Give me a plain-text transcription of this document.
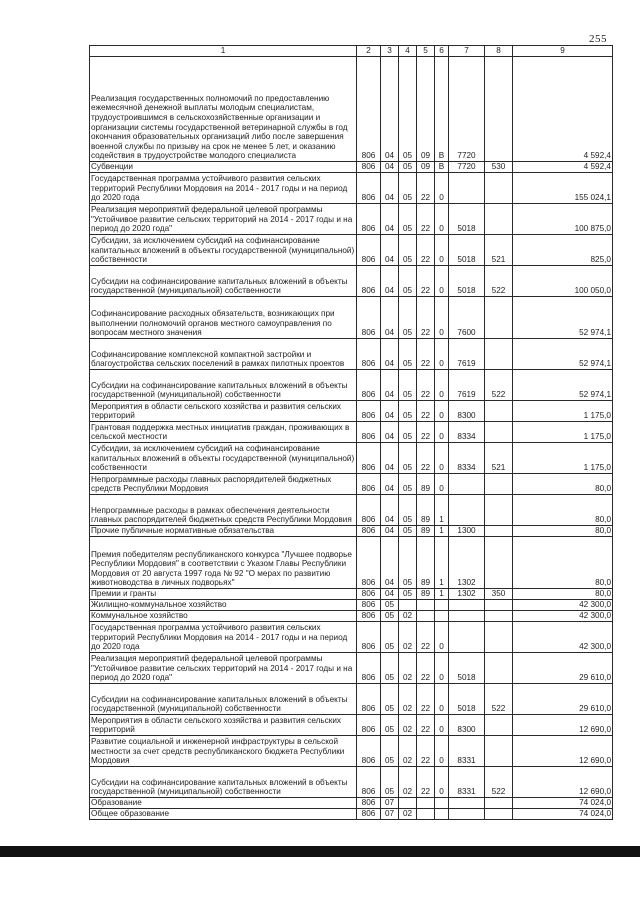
255
1	2	3	4	5	6	7	8	9
Реализация государственных полномочий по предоставлению ежемесячной денежной выплаты молодым специалистам, трудоустроившимся в сельскохозяйственные организации и организации системы государственной ветеринарной службы в год окончания образовательных организаций либо после завершения военной службы по призыву на срок не менее 5 лет, и оказанию содействия в трудоустройстве молодого специалиста	806	04	05	09	В	7720		4 592,4
Субвенции	806	04	05	09	В	7720	530	4 592,4
Государственная программа устойчивого развития сельских территорий Республики Мордовия на 2014 - 2017 годы и на период до 2020 года	806	04	05	22	0			155 024,1
Реализация мероприятий федеральной целевой программы "Устойчивое развитие сельских территорий на 2014 - 2017 годы и на период до 2020 года"	806	04	05	22	0	5018		100 875,0
Субсидии, за исключением субсидий на софинансирование капитальных вложений в объекты государственной (муниципальной) собственности	806	04	05	22	0	5018	521	825,0
Субсидии на софинансирование капитальных вложений в объекты государственной (муниципальной) собственности	806	04	05	22	0	5018	522	100 050,0
Софинансирование расходных обязательств, возникающих при выполнении полномочий органов местного самоуправления по вопросам местного значения	806	04	05	22	0	7600		52 974,1
Софинансирование комплексной компактной застройки и благоустройства сельских поселений в рамках пилотных проектов	806	04	05	22	0	7619		52 974,1
Субсидии на софинансирование капитальных вложений в объекты государственной (муниципальной) собственности	806	04	05	22	0	7619	522	52 974,1
Мероприятия в области сельского хозяйства и развития сельских территорий	806	04	05	22	0	8300		1 175,0
Грантовая поддержка местных инициатив граждан, проживающих в сельской местности	806	04	05	22	0	8334		1 175,0
Субсидии, за исключением субсидий на софинансирование капитальных вложений в объекты государственной (муниципальной) собственности	806	04	05	22	0	8334	521	1 175,0
Непрограммные расходы главных распорядителей бюджетных средств Республики Мордовия	806	04	05	89	0			80,0
Непрограммные расходы в рамках обеспечения деятельности главных распорядителей бюджетных средств Республики Мордовия	806	04	05	89	1			80,0
Прочие публичные нормативные обязательства	806	04	05	89	1	1300		80,0
Премия победителям республиканского конкурса "Лучшее подворье Республики Мордовия" в соответствии с Указом Главы Республики Мордовия от 20 августа 1997 года № 92 "О мерах по развитию животноводства в личных подворьях"	806	04	05	89	1	1302		80,0
Премии и гранты	806	04	05	89	1	1302	350	80,0
Жилищно-коммунальное хозяйство	806	05						42 300,0
Коммунальное хозяйство	806	05	02					42 300,0
Государственная программа устойчивого развития сельских территорий Республики Мордовия на 2014 - 2017 годы и на период до 2020 года	806	05	02	22	0			42 300,0
Реализация мероприятий федеральной целевой программы "Устойчивое развитие сельских территорий на 2014 - 2017 годы и на период до 2020 года"	806	05	02	22	0	5018		29 610,0
Субсидии на софинансирование капитальных вложений в объекты государственной (муниципальной) собственности	806	05	02	22	0	5018	522	29 610,0
Мероприятия в области сельского хозяйства и развития сельских территорий	806	05	02	22	0	8300		12 690,0
Развитие социальной и инженерной инфраструктуры в сельской местности за счет средств республиканского бюджета Республики Мордовия	806	05	02	22	0	8331		12 690,0
Субсидии на софинансирование капитальных вложений в объекты государственной (муниципальной) собственности	806	05	02	22	0	8331	522	12 690,0
Образование	806	07						74 024,0
Общее образование	806	07	02					74 024,0
